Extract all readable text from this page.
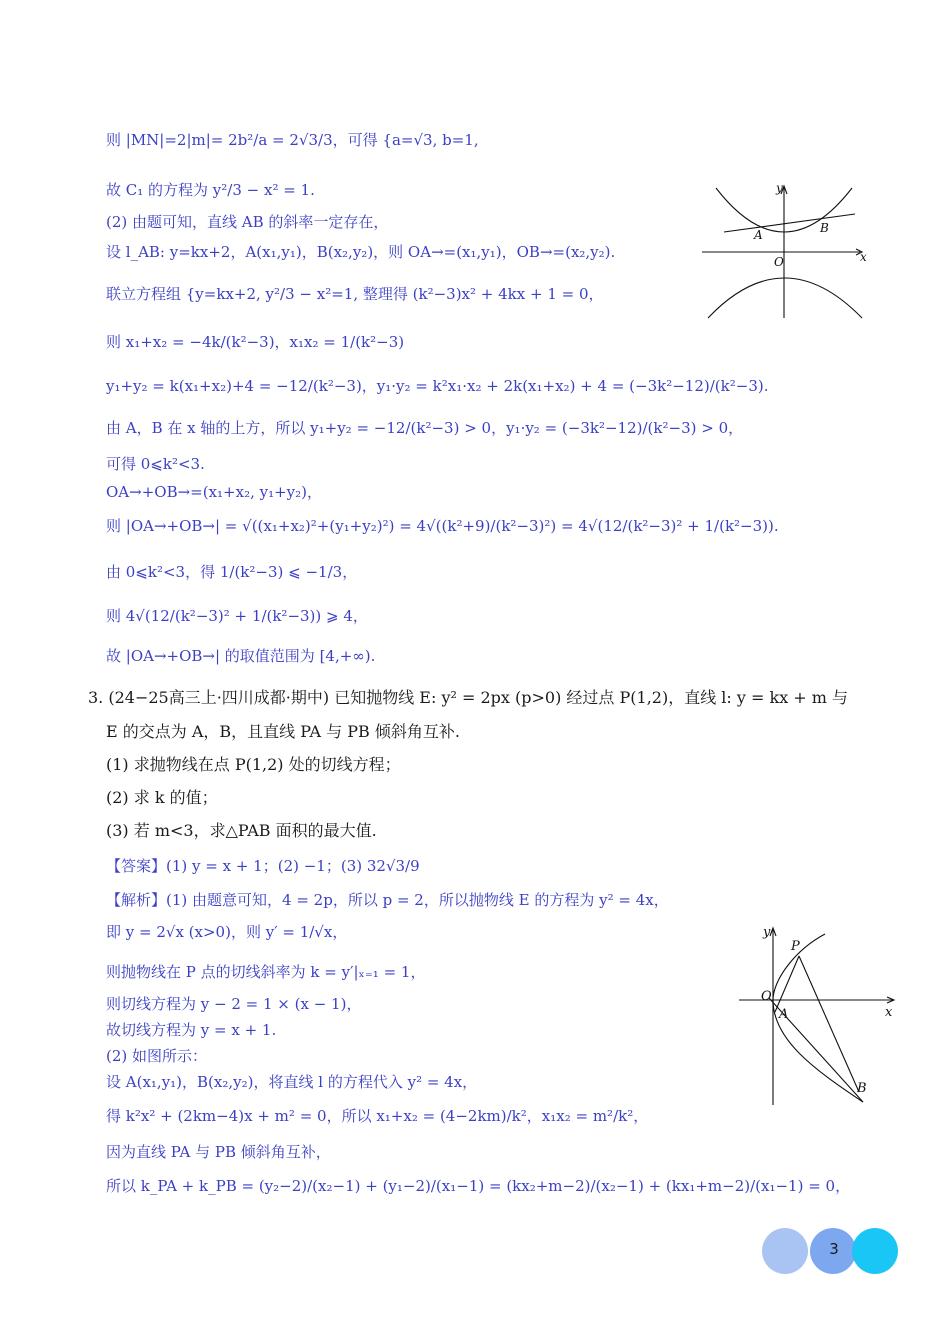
则 |MN|=2|m|= 2b²/a = 2√3/3，可得 {a=√3, b=1,
故 C₁ 的方程为 y²/3 − x² = 1.
(2) 由题可知，直线 AB 的斜率一定存在，
设 l_AB: y=kx+2，A(x₁,y₁)，B(x₂,y₂)，则 OA→=(x₁,y₁)，OB→=(x₂,y₂).
联立方程组 {y=kx+2, y²/3 − x²=1, 整理得 (k²−3)x² + 4kx + 1 = 0，
则 x₁+x₂ = −4k/(k²−3)，x₁x₂ = 1/(k²−3)
y₁+y₂ = k(x₁+x₂)+4 = −12/(k²−3)，y₁·y₂ = k²x₁·x₂ + 2k(x₁+x₂) + 4 = (−3k²−12)/(k²−3).
由 A，B 在 x 轴的上方，所以 y₁+y₂ = −12/(k²−3) > 0，y₁·y₂ = (−3k²−12)/(k²−3) > 0，
可得 0⩽k²<3.
OA→+OB→=(x₁+x₂, y₁+y₂)，
则 |OA→+OB→| = √((x₁+x₂)²+(y₁+y₂)²) = 4√((k²+9)/(k²−3)²) = 4√(12/(k²−3)² + 1/(k²−3)).
由 0⩽k²<3，得 1/(k²−3) ⩽ −1/3，
则 4√(12/(k²−3)² + 1/(k²−3)) ⩾ 4，
故 |OA→+OB→| 的取值范围为 [4,+∞).
y
x
O
A	B
3. (24−25高三上·四川成都·期中) 已知抛物线 E: y² = 2px (p>0) 经过点 P(1,2)，直线 l: y = kx + m 与
E 的交点为 A，B，且直线 PA 与 PB 倾斜角互补.
(1) 求抛物线在点 P(1,2) 处的切线方程；
(2) 求 k 的值；
(3) 若 m<3，求△PAB 面积的最大值.
【答案】(1) y = x + 1；(2) −1；(3) 32√3/9
【解析】(1) 由题意可知，4 = 2p，所以 p = 2，所以抛物线 E 的方程为 y² = 4x，
即 y = 2√x (x>0)，则 y′ = 1/√x，
则抛物线在 P 点的切线斜率为 k = y′|ₓ₌₁ = 1，
则切线方程为 y − 2 = 1 × (x − 1)，
故切线方程为 y = x + 1.
(2) 如图所示：
设 A(x₁,y₁)，B(x₂,y₂)，将直线 l 的方程代入 y² = 4x，
得 k²x² + (2km−4)x + m² = 0，所以 x₁+x₂ = (4−2km)/k²，x₁x₂ = m²/k²，
因为直线 PA 与 PB 倾斜角互补，
所以 k_PA + k_PB = (y₂−2)/(x₂−1) + (y₁−2)/(x₁−1) = (kx₂+m−2)/(x₂−1) + (kx₁+m−2)/(x₁−1) = 0，
y
x
O
A
B
P
3
